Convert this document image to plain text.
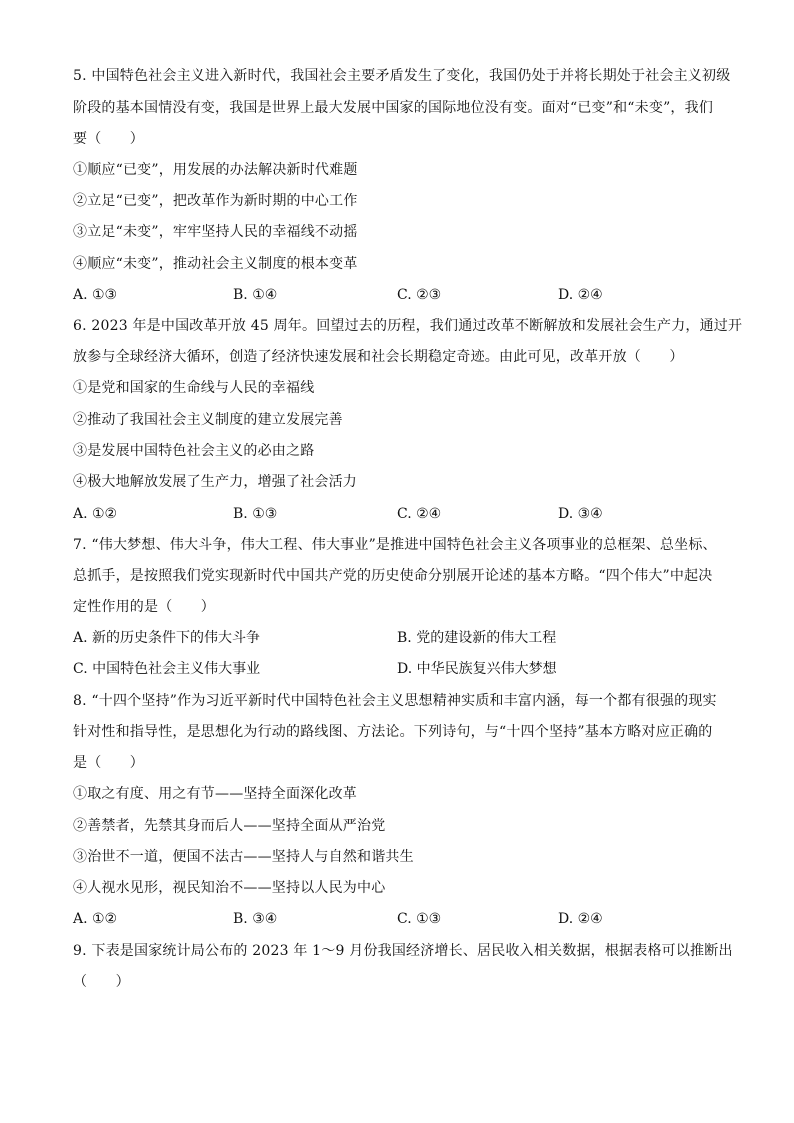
5. 中国特色社会主义进入新时代，我国社会主要矛盾发生了变化，我国仍处于并将长期处于社会主义初级
阶段的基本国情没有变，我国是世界上最大发展中国家的国际地位没有变。面对“已变”和“未变”，我们
要（　　）
①顺应“已变”，用发展的办法解决新时代难题
②立足“已变”，把改革作为新时期的中心工作
③立足“未变”，牢牢坚持人民的幸福线不动摇
④顺应“未变”，推动社会主义制度的根本变革
A. ①③	B. ①④	C. ②③	D. ②④
6. 2023 年是中国改革开放 45 周年。回望过去的历程，我们通过改革不断解放和发展社会生产力，通过开
放参与全球经济大循环，创造了经济快速发展和社会长期稳定奇迹。由此可见，改革开放（　　）
①是党和国家的生命线与人民的幸福线
②推动了我国社会主义制度的建立发展完善
③是发展中国特色社会主义的必由之路
④极大地解放发展了生产力，增强了社会活力
A. ①②	B. ①③	C. ②④	D. ③④
7. “伟大梦想、伟大斗争，伟大工程、伟大事业”是推进中国特色社会主义各项事业的总框架、总坐标、
总抓手，是按照我们党实现新时代中国共产党的历史使命分别展开论述的基本方略。“四个伟大”中起决
定性作用的是（　　）
A. 新的历史条件下的伟大斗争	B. 党的建设新的伟大工程
C. 中国特色社会主义伟大事业	D. 中华民族复兴伟大梦想
8. “十四个坚持”作为习近平新时代中国特色社会主义思想精神实质和丰富内涵，每一个都有很强的现实
针对性和指导性，是思想化为行动的路线图、方法论。下列诗句，与“十四个坚持”基本方略对应正确的
是（　　）
①取之有度、用之有节——坚持全面深化改革
②善禁者，先禁其身而后人——坚持全面从严治党
③治世不一道，便国不法古——坚持人与自然和谐共生
④人视水见形，视民知治不——坚持以人民为中心
A. ①②	B. ③④	C. ①③	D. ②④
9. 下表是国家统计局公布的 2023 年 1～9 月份我国经济增长、居民收入相关数据，根据表格可以推断出
（　　）
